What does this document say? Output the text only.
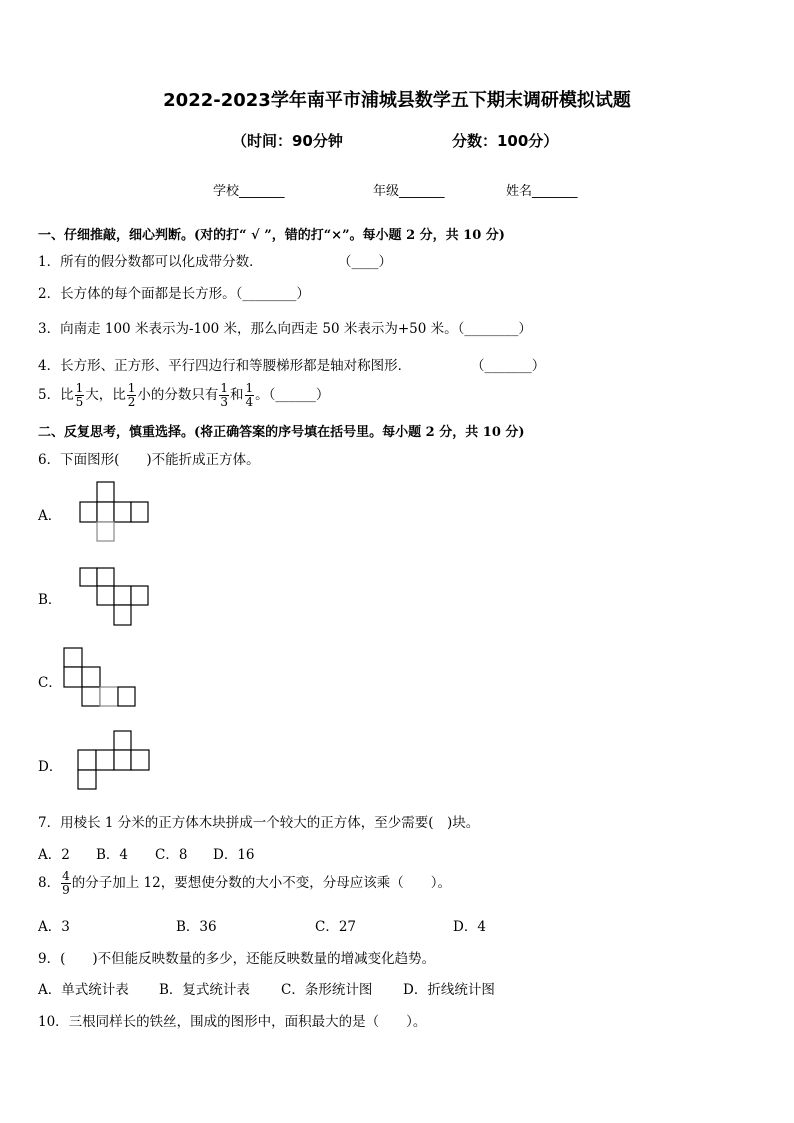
2022-2023学年南平市浦城县数学五下期末调研模拟试题
（时间：90分钟	分数：100分）
学校_______	年级_______	姓名_______
一、仔细推敲，细心判断。(对的打“ √ ”，错的打“×”。每小题 2 分，共 10 分)
1．所有的假分数都可以化成带分数．	（____）
2．长方体的每个面都是长方形。（________）
3．向南走 100 米表示为-100 米，那么向西走 50 米表示为+50 米。（________）
4．长方形、正方形、平行四边行和等腰梯形都是轴对称图形．	（_______）
5．比 $\frac{1}{5}$ 大，比 $\frac{1}{2}$ 小的分数只有 $\frac{1}{3}$ 和 $\frac{1}{4}$ 。（______）
二、反复思考，慎重选择。(将正确答案的序号填在括号里。每小题 2 分，共 10 分)
6．下面图形(　　)不能折成正方体。
A．
B．
C．
D．
7．用棱长 1 分米的正方体木块拼成一个较大的正方体，至少需要(　)块。
A．2 B．4 C．8 D．16
8． $\frac{4}{9}$ 的分子加上 12，要想使分数的大小不变，分母应该乘（　　）。
A．3	B．36	C．27	D．4
9．(　　)不但能反映数量的多少，还能反映数量的增减变化趋势。
A．单式统计表 B．复式统计表 C．条形统计图 D．折线统计图
10．三根同样长的铁丝，围成的图形中，面积最大的是（　　）。
